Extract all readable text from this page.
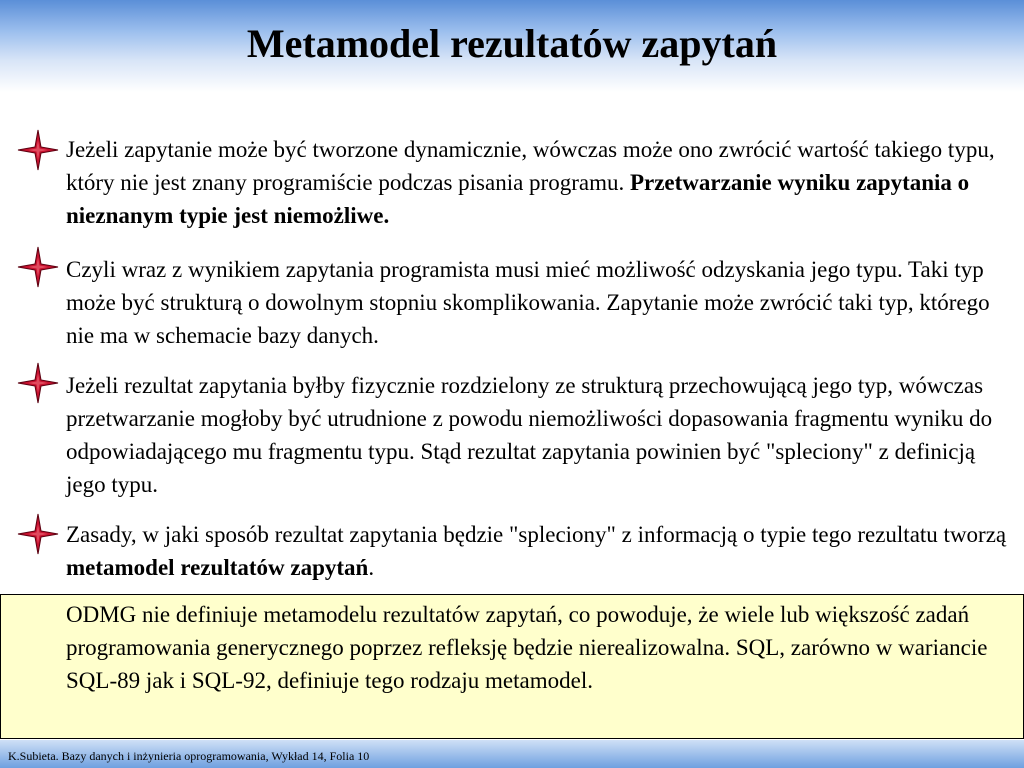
Metamodel rezultatów zapytań

Jeżeli zapytanie może być tworzone dynamicznie, wówczas może ono zwrócić wartość takiego typu, który nie jest znany programiście podczas pisania programu. Przetwarzanie wyniku zapytania o nieznanym typie jest niemożliwe.

Czyli wraz z wynikiem zapytania programista musi mieć możliwość odzyskania jego typu. Taki typ może być strukturą o dowolnym stopniu skomplikowania. Zapytanie może zwrócić taki typ, którego nie ma w schemacie bazy danych.

Jeżeli rezultat zapytania byłby fizycznie rozdzielony ze strukturą przechowującą jego typ, wówczas przetwarzanie mogłoby być utrudnione z powodu niemożliwości dopasowania fragmentu wyniku do odpowiadającego mu fragmentu typu. Stąd rezultat zapytania powinien być "spleciony" z definicją jego typu.

Zasady, w jaki sposób rezultat zapytania będzie "spleciony" z informacją o typie tego rezultatu tworzą metamodel rezultatów zapytań.

ODMG nie definiuje metamodelu rezultatów zapytań, co powoduje, że wiele lub większość zadań programowania generycznego poprzez refleksję będzie nierealizowalna. SQL, zarówno w wariancie SQL-89 jak i SQL-92, definiuje tego rodzaju metamodel.

K.Subieta. Bazy danych i inżynieria oprogramowania, Wykład 14, Folia 10
